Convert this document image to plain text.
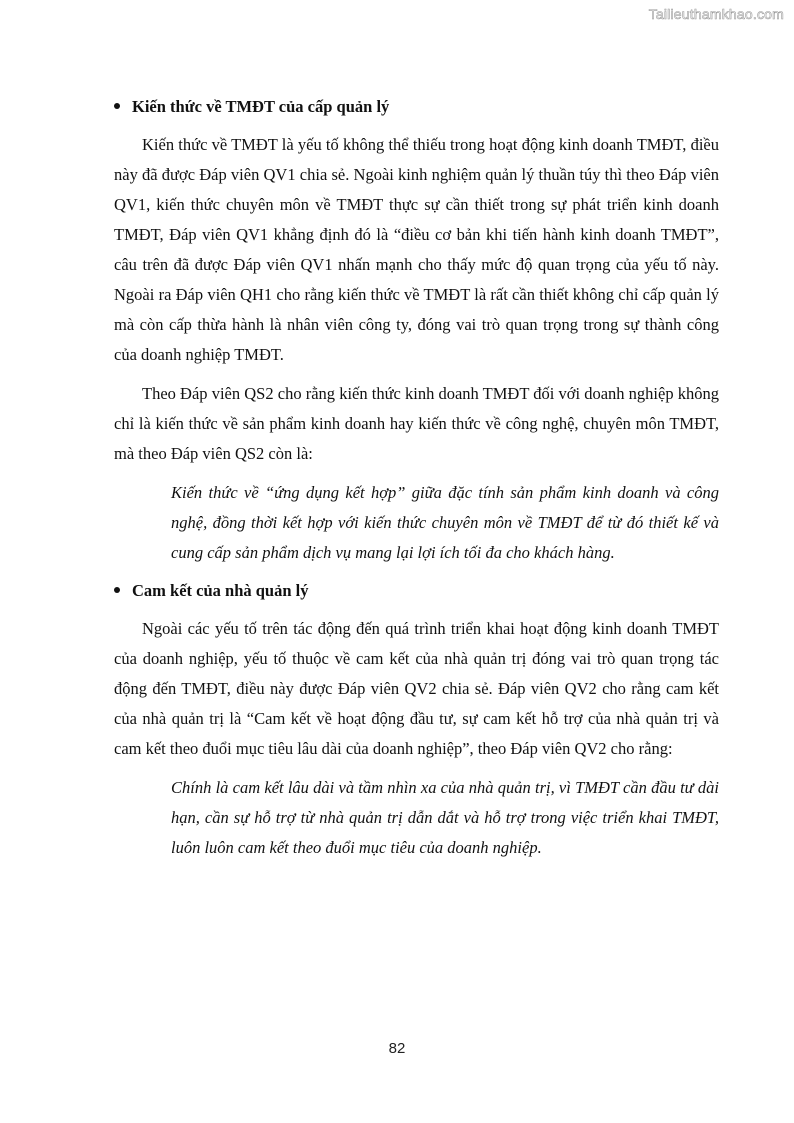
Tailieuthamkhao.com

Kiến thức về TMĐT của cấp quản lý

Kiến thức về TMĐT là yếu tố không thể thiếu trong hoạt động kinh doanh TMĐT, điều này đã được Đáp viên QV1 chia sẻ. Ngoài kinh nghiệm quản lý thuần túy thì theo Đáp viên QV1, kiến thức chuyên môn về TMĐT thực sự cần thiết trong sự phát triển kinh doanh TMĐT, Đáp viên QV1 khẳng định đó là “điều cơ bản khi tiến hành kinh doanh TMĐT”, câu trên đã được Đáp viên QV1 nhấn mạnh cho thấy mức độ quan trọng của yếu tố này. Ngoài ra Đáp viên QH1 cho rằng kiến thức về TMĐT là rất cần thiết không chỉ cấp quản lý mà còn cấp thừa hành là nhân viên công ty, đóng vai trò quan trọng trong sự thành công của doanh nghiệp TMĐT.

Theo Đáp viên QS2 cho rằng kiến thức kinh doanh TMĐT đối với doanh nghiệp không chỉ là kiến thức về sản phẩm kinh doanh hay kiến thức về công nghệ, chuyên môn TMĐT, mà theo Đáp viên QS2 còn là:

Kiến thức về “ứng dụng kết hợp” giữa đặc tính sản phẩm kinh doanh và công nghệ, đồng thời kết hợp với kiến thức chuyên môn về TMĐT để từ đó thiết kế và cung cấp sản phẩm dịch vụ mang lại lợi ích tối đa cho khách hàng.

Cam kết của nhà quản lý

Ngoài các yếu tố trên tác động đến quá trình triển khai hoạt động kinh doanh TMĐT của doanh nghiệp, yếu tố thuộc về cam kết của nhà quản trị đóng vai trò quan trọng tác động đến TMĐT, điều này được Đáp viên QV2 chia sẻ. Đáp viên QV2 cho rằng cam kết của nhà quản trị là “Cam kết về hoạt động đầu tư, sự cam kết hỗ trợ của nhà quản trị và cam kết theo đuổi mục tiêu lâu dài của doanh nghiệp”, theo Đáp viên QV2 cho rằng:

Chính là cam kết lâu dài và tầm nhìn xa của nhà quản trị, vì TMĐT cần đầu tư dài hạn, cần sự hỗ trợ từ nhà quản trị dẫn dắt và hỗ trợ trong việc triển khai TMĐT, luôn luôn cam kết theo đuổi mục tiêu của doanh nghiệp.

82
